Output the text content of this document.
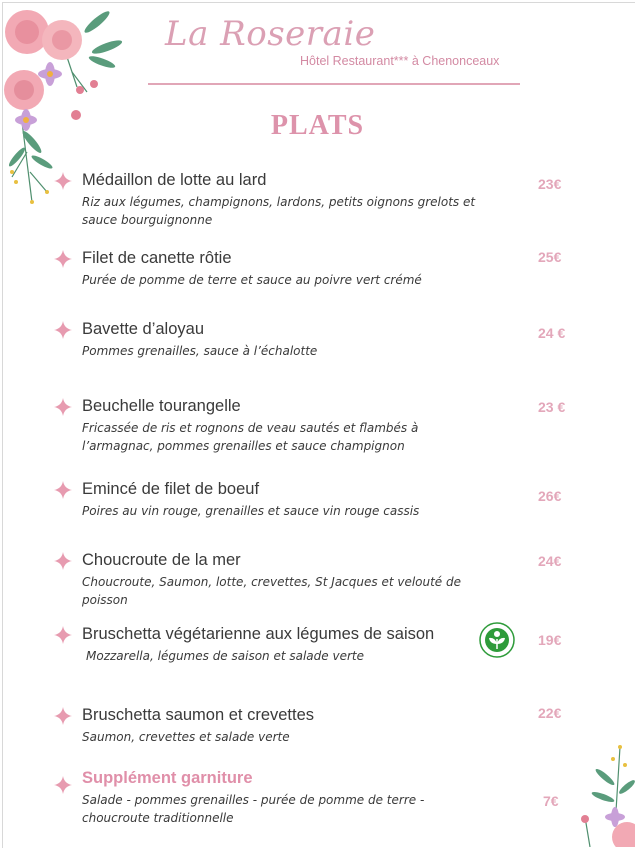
La Roseraie
Hôtel Restaurant*** à Chenonceaux
PLATS
Médaillon de lotte au lard
Riz aux légumes, champignons, lardons, petits oignons grelots et sauce bourguignonne
23€
Filet de canette rôtie
Purée de pomme de terre et sauce au poivre vert crémé
25€
Bavette d’aloyau
Pommes grenailles, sauce à l’échalotte
24 €
Beuchelle tourangelle
Fricassée de ris et rognons de veau sautés et flambés à l’armagnac, pommes grenailles et sauce champignon
23 €
Emincé de filet de boeuf
Poires au vin rouge, grenailles et sauce vin rouge cassis
26€
Choucroute de la mer
Choucroute, Saumon, lotte, crevettes, St Jacques et velouté de poisson
24€
Bruschetta végétarienne aux légumes de saison
Mozzarella, légumes de saison et salade verte
19€
Bruschetta saumon et crevettes
Saumon, crevettes et salade verte
22€
Supplément garniture
Salade - pommes grenailles - purée de pomme de terre - choucroute traditionnelle
7€
